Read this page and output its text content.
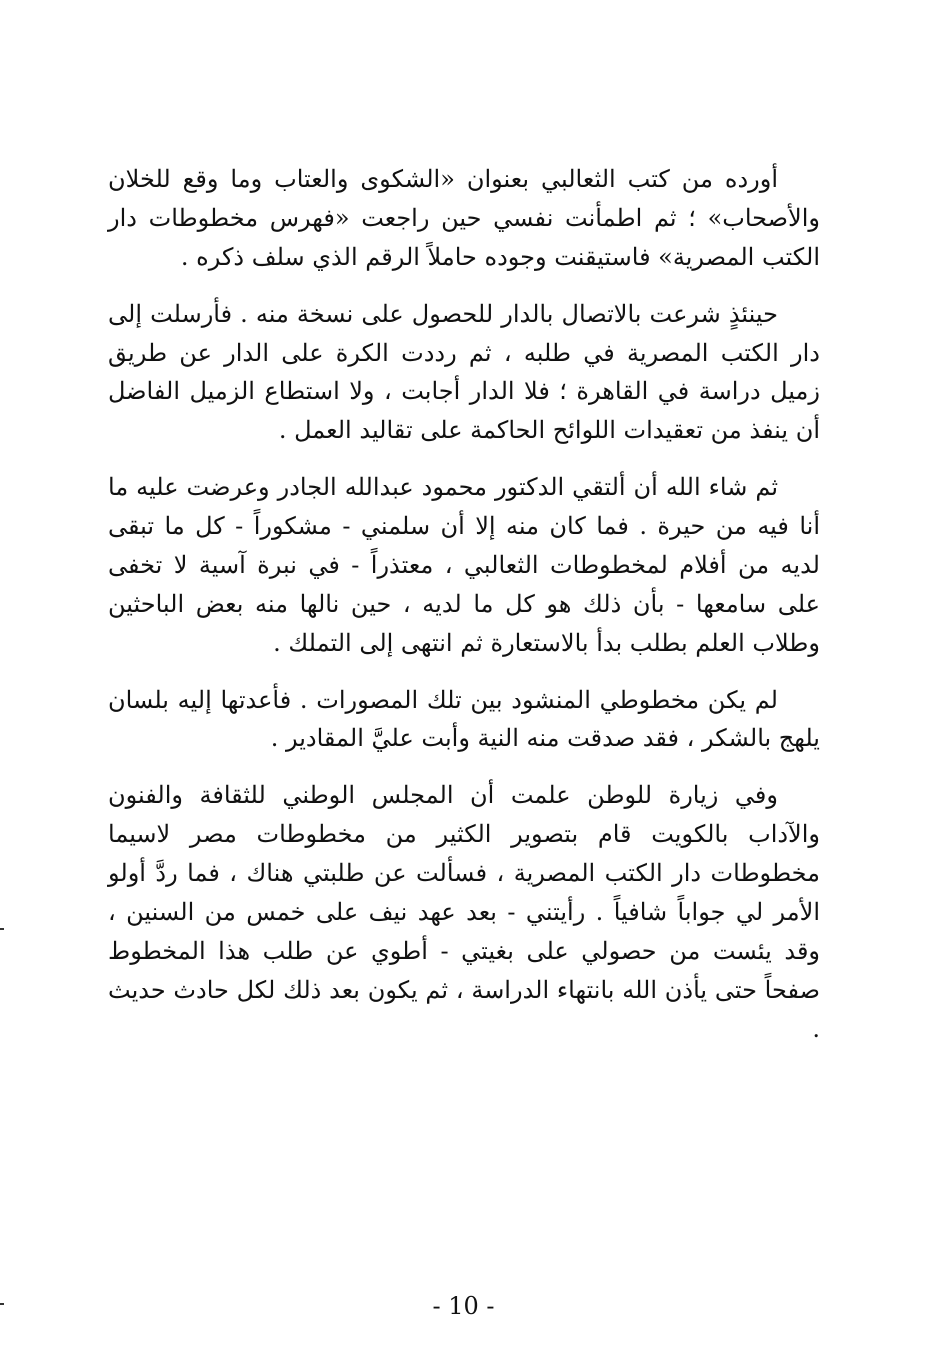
أورده من كتب الثعالبي بعنوان «الشكوى والعتاب وما وقع للخلان والأصحاب» ؛ ثم اطمأنت نفسي حين راجعت «فهرس مخطوطات دار الكتب المصرية» فاستيقنت وجوده حاملاً الرقم الذي سلف ذكره .

حينئذٍ شرعت بالاتصال بالدار للحصول على نسخة منه . فأرسلت إلى دار الكتب المصرية في طلبه ، ثم رددت الكرة على الدار عن طريق زميل دراسة في القاهرة ؛ فلا الدار أجابت ، ولا استطاع الزميل الفاضل أن ينفذ من تعقيدات اللوائح الحاكمة على تقاليد العمل .

ثم شاء الله أن ألتقي الدكتور محمود عبدالله الجادر وعرضت عليه ما أنا فيه من حيرة . فما كان منه إلا أن سلمني - مشكوراً - كل ما تبقى لديه من أفلام لمخطوطات الثعالبي ، معتذراً - في نبرة آسية لا تخفى على سامعها - بأن ذلك هو كل ما لديه ، حين نالها منه بعض الباحثين وطلاب العلم بطلب بدأ بالاستعارة ثم انتهى إلى التملك .

لم يكن مخطوطي المنشود بين تلك المصورات . فأعدتها إليه بلسان يلهج بالشكر ، فقد صدقت منه النية وأبت عليَّ المقادير .

وفي زيارة للوطن علمت أن المجلس الوطني للثقافة والفنون والآداب بالكويت قام بتصوير الكثير من مخطوطات مصر لاسيما مخطوطات دار الكتب المصرية ، فسألت عن طلبتي هناك ، فما ردَّ أولو الأمر لي جواباً شافياً . رأيتني - بعد عهد نيف على خمس من السنين ، وقد يئست من حصولي على بغيتي - أطوي عن طلب هذا المخطوط صفحاً حتى يأذن الله بانتهاء الدراسة ، ثم يكون بعد ذلك لكل حادث حديث .

- 10 -
